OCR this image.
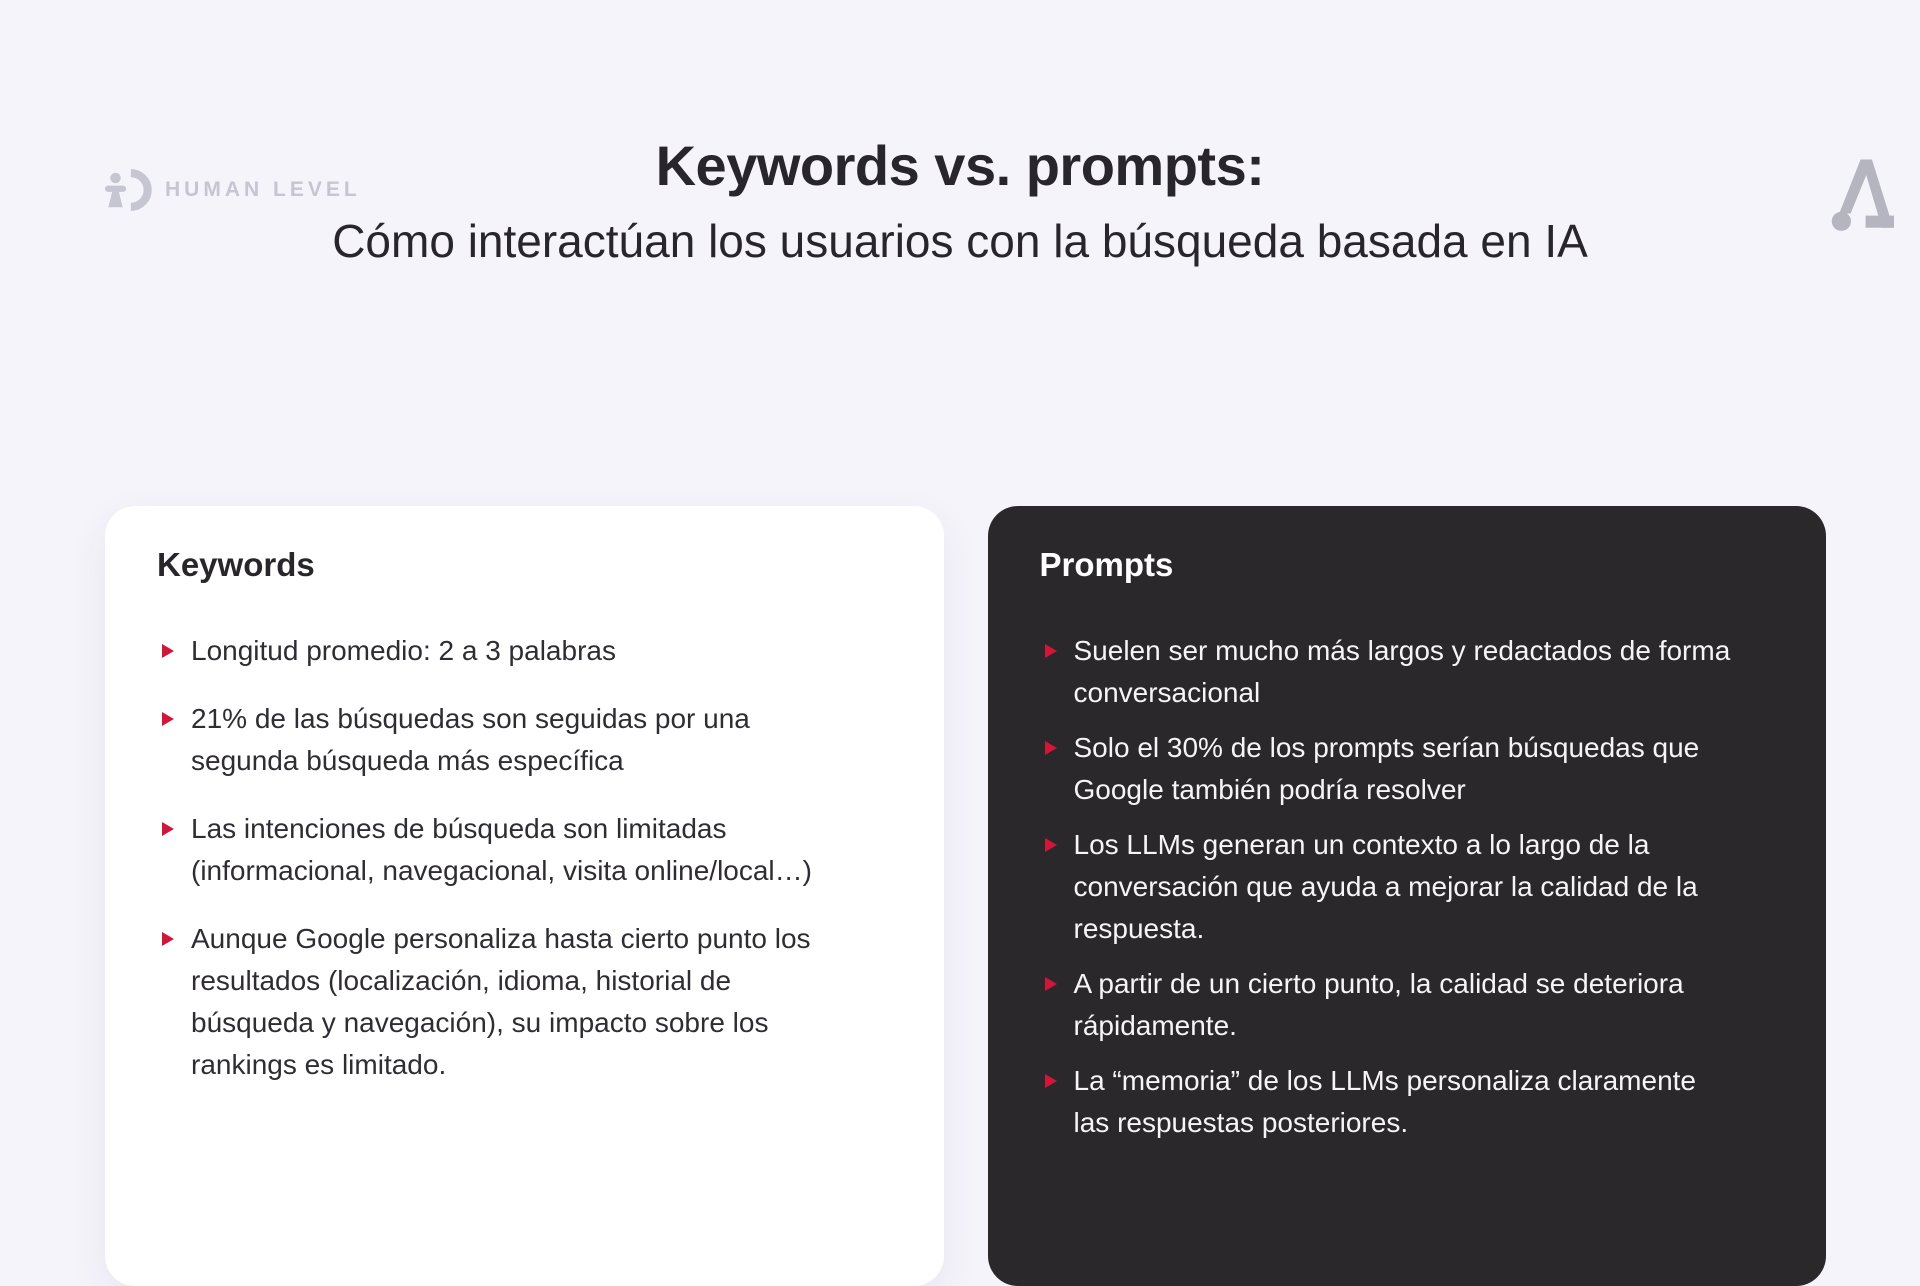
HUMAN LEVEL	Keywords vs. prompts:
Cómo interactúan los usuarios con la búsqueda basada en IA
Keywords
Longitud promedio: 2 a 3 palabras
21% de las búsquedas son seguidas por una segunda búsqueda más específica
Las intenciones de búsqueda son limitadas (informacional, navegacional, visita online/local…)
Aunque Google personaliza hasta cierto punto los resultados (localización, idioma, historial de búsqueda y navegación), su impacto sobre los rankings es limitado.
Prompts
Suelen ser mucho más largos y redactados de forma conversacional
Solo el 30% de los prompts serían búsquedas que Google también podría resolver
Los LLMs generan un contexto a lo largo de la conversación que ayuda a mejorar la calidad de la respuesta.
A partir de un cierto punto, la calidad se deteriora rápidamente.
La “memoria” de los LLMs personaliza claramente las respuestas posteriores.
